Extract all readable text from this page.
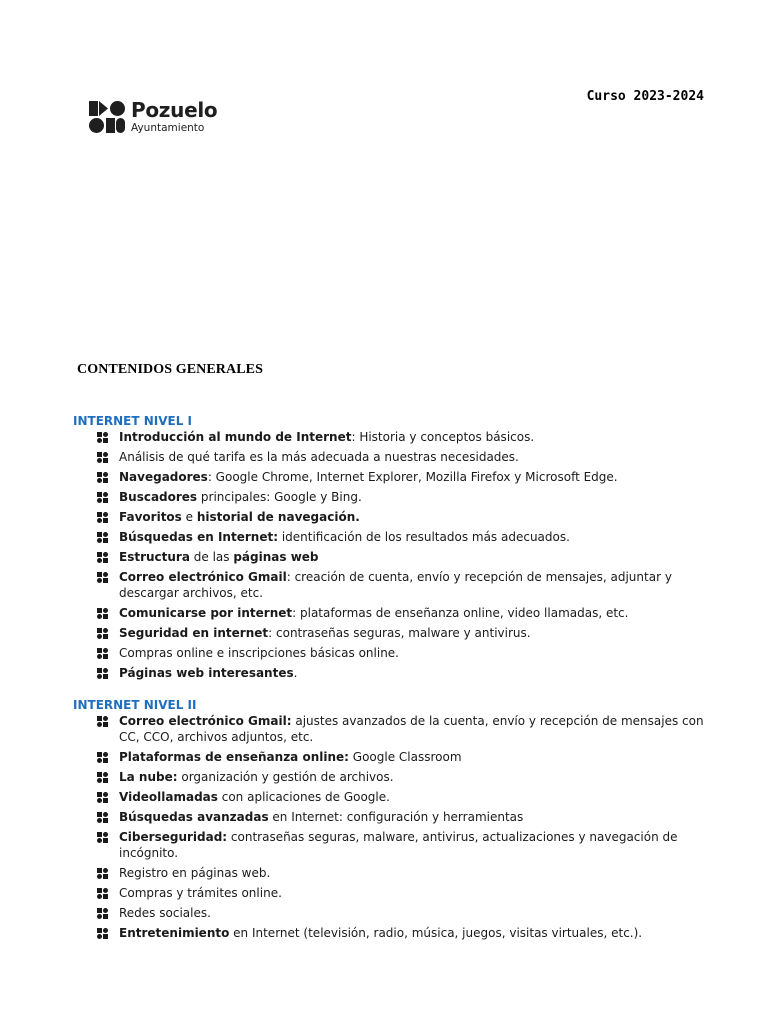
Pozuelo
Ayuntamiento
Curso 2023-2024
CONTENIDOS GENERALES
INTERNET NIVEL I
Introducción al mundo de Internet: Historia y conceptos básicos.
Análisis de qué tarifa es la más adecuada a nuestras necesidades.
Navegadores: Google Chrome, Internet Explorer, Mozilla Firefox y Microsoft Edge.
Buscadores principales: Google y Bing.
Favoritos e historial de navegación.
Búsquedas en Internet: identificación de los resultados más adecuados.
Estructura de las páginas web
Correo electrónico Gmail: creación de cuenta, envío y recepción de mensajes, adjuntar y descargar archivos, etc.
Comunicarse por internet: plataformas de enseñanza online, video llamadas, etc.
Seguridad en internet: contraseñas seguras, malware y antivirus.
Compras online e inscripciones básicas online.
Páginas web interesantes.
INTERNET NIVEL II
Correo electrónico Gmail: ajustes avanzados de la cuenta, envío y recepción de mensajes con CC, CCO, archivos adjuntos, etc.
Plataformas de enseñanza online: Google Classroom
La nube: organización y gestión de archivos.
Videollamadas con aplicaciones de Google.
Búsquedas avanzadas en Internet: configuración y herramientas
Ciberseguridad: contraseñas seguras, malware, antivirus, actualizaciones y navegación de incógnito.
Registro en páginas web.
Compras y trámites online.
Redes sociales.
Entretenimiento en Internet (televisión, radio, música, juegos, visitas virtuales, etc.).
